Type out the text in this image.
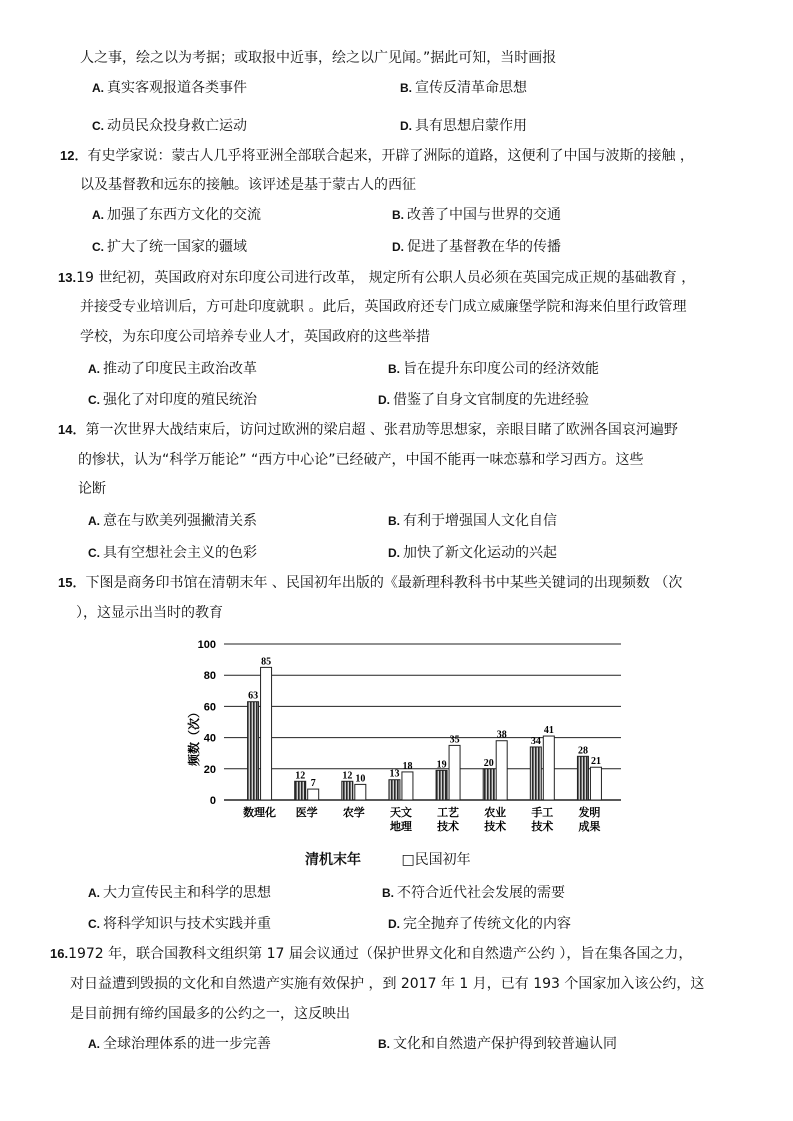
人之事，绘之以为考据；或取报中近事，绘之以广见闻。”据此可知，当时画报
A. 真实客观报道各类事件	B. 宣传反清革命思想
C. 动员民众投身救亡运动	D. 具有思想启蒙作用
12．有史学家说：蒙古人几乎将亚洲全部联合起来，开辟了洲际的道路，这便利了中国与波斯的接触 ，
以及基督教和远东的接触。该评述是基于蒙古人的西征
A. 加强了东西方文化的交流	B. 改善了中国与世界的交通
C. 扩大了统一国家的疆域	D. 促进了基督教在华的传播
13.19 世纪初，英国政府对东印度公司进行改革， 规定所有公职人员必须在英国完成正规的基础教育 ，
并接受专业培训后，方可赴印度就职 。此后，英国政府还专门成立威廉堡学院和海来伯里行政管理
学校，为东印度公司培养专业人才，英国政府的这些举措
A. 推动了印度民主政治改革	B. 旨在提升东印度公司的经济效能
C. 强化了对印度的殖民统治	D. 借鉴了自身文官制度的先进经验
14．第一次世界大战结束后，访问过欧洲的梁启超 、张君劢等思想家，亲眼目睹了欧洲各国哀河遍野
的惨状，认为“科学万能论” “西方中心论”已经破产，中国不能再一味恋慕和学习西方。这些
论断
A. 意在与欧美列强撇清关系	B. 有利于增强国人文化自信
C. 具有空想社会主义的色彩	D. 加快了新文化运动的兴起
15．下图是商务印书馆在清朝末年 、民国初年出版的《最新理科教科书中某些关键词的出现频数 （次
），这显示出当时的教育
0
20
40
60
80
100
频数（次）
63
85
数理化
12
7
医学
12 10
农学
13
18
天文
地理
19
35
工艺
技术
20
38
农业
技术
34
41
手工
技术
28
21
发明
成果
清机末年	□民国初年
A. 大力宣传民主和科学的思想	B. 不符合近代社会发展的需要
C. 将科学知识与技术实践并重	D. 完全抛弃了传统文化的内容
16.1972 年，联合国教科文组织第 17 届会议通过（保护世界文化和自然遗产公约 ），旨在集各国之力，
对日益遭到毁损的文化和自然遗产实施有效保护 ，到 2017 年 1 月，已有 193 个国家加入该公约，这
是目前拥有缔约国最多的公约之一，这反映出
A. 全球治理体系的进一步完善	B. 文化和自然遗产保护得到较普遍认同
